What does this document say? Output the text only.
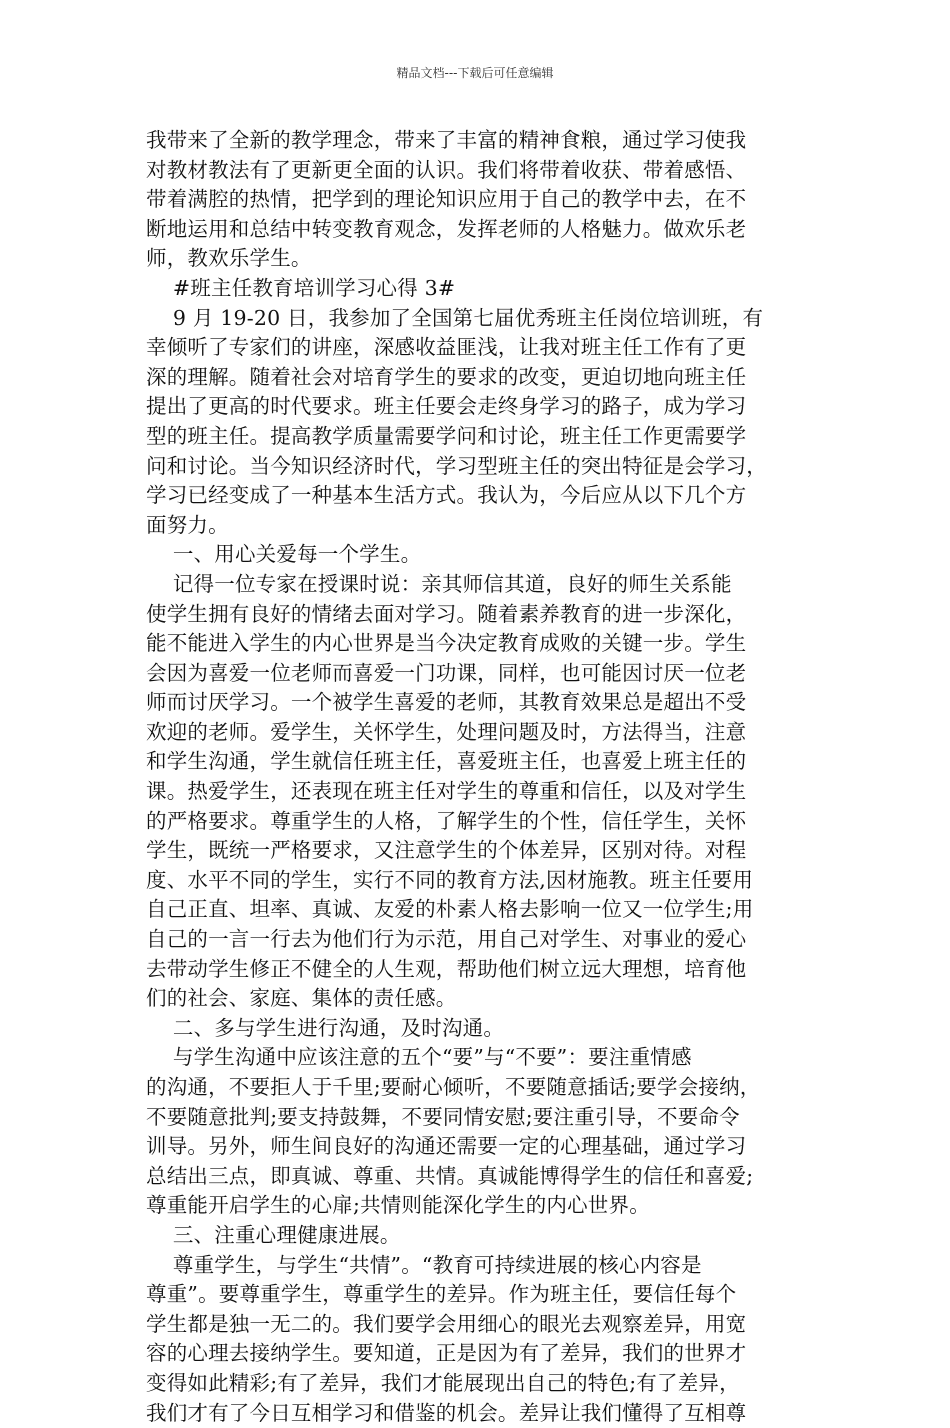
精品文档---下载后可任意编辑
我带来了全新的教学理念，带来了丰富的精神食粮，通过学习使我
对教材教法有了更新更全面的认识。我们将带着收获、带着感悟、
带着满腔的热情，把学到的理论知识应用于自己的教学中去，在不
断地运用和总结中转变教育观念，发挥老师的人格魅力。做欢乐老
师，教欢乐学生。
#班主任教育培训学习心得 3#
9 月 19-20 日，我参加了全国第七届优秀班主任岗位培训班，有
幸倾听了专家们的讲座，深感收益匪浅，让我对班主任工作有了更
深的理解。随着社会对培育学生的要求的改变，更迫切地向班主任
提出了更高的时代要求。班主任要会走终身学习的路子，成为学习
型的班主任。提高教学质量需要学问和讨论，班主任工作更需要学
问和讨论。当今知识经济时代，学习型班主任的突出特征是会学习，
学习已经变成了一种基本生活方式。我认为，今后应从以下几个方
面努力。
一、用心关爱每一个学生。
记得一位专家在授课时说：亲其师信其道，良好的师生关系能
使学生拥有良好的情绪去面对学习。随着素养教育的进一步深化，
能不能进入学生的内心世界是当今决定教育成败的关键一步。学生
会因为喜爱一位老师而喜爱一门功课，同样，也可能因讨厌一位老
师而讨厌学习。一个被学生喜爱的老师，其教育效果总是超出不受
欢迎的老师。爱学生，关怀学生，处理问题及时，方法得当，注意
和学生沟通，学生就信任班主任，喜爱班主任，也喜爱上班主任的
课。热爱学生，还表现在班主任对学生的尊重和信任，以及对学生
的严格要求。尊重学生的人格，了解学生的个性，信任学生，关怀
学生，既统一严格要求，又注意学生的个体差异，区别对待。对程
度、水平不同的学生，实行不同的教育方法,因材施教。班主任要用
自己正直、坦率、真诚、友爱的朴素人格去影响一位又一位学生;用
自己的一言一行去为他们行为示范，用自己对学生、对事业的爱心
去带动学生修正不健全的人生观，帮助他们树立远大理想，培育他
们的社会、家庭、集体的责任感。
二、多与学生进行沟通，及时沟通。
与学生沟通中应该注意的五个“要”与“不要”：要注重情感
的沟通，不要拒人于千里;要耐心倾听，不要随意插话;要学会接纳，
不要随意批判;要支持鼓舞，不要同情安慰;要注重引导，不要命令
训导。另外，师生间良好的沟通还需要一定的心理基础，通过学习
总结出三点，即真诚、尊重、共情。真诚能博得学生的信任和喜爱;
尊重能开启学生的心扉;共情则能深化学生的内心世界。
三、注重心理健康进展。
尊重学生，与学生“共情”。“教育可持续进展的核心内容是
尊重”。要尊重学生，尊重学生的差异。作为班主任，要信任每个
学生都是独一无二的。我们要学会用细心的眼光去观察差异，用宽
容的心理去接纳学生。要知道，正是因为有了差异，我们的世界才
变得如此精彩;有了差异，我们才能展现出自己的特色;有了差异，
我们才有了今日互相学习和借鉴的机会。差异让我们懂得了互相尊
